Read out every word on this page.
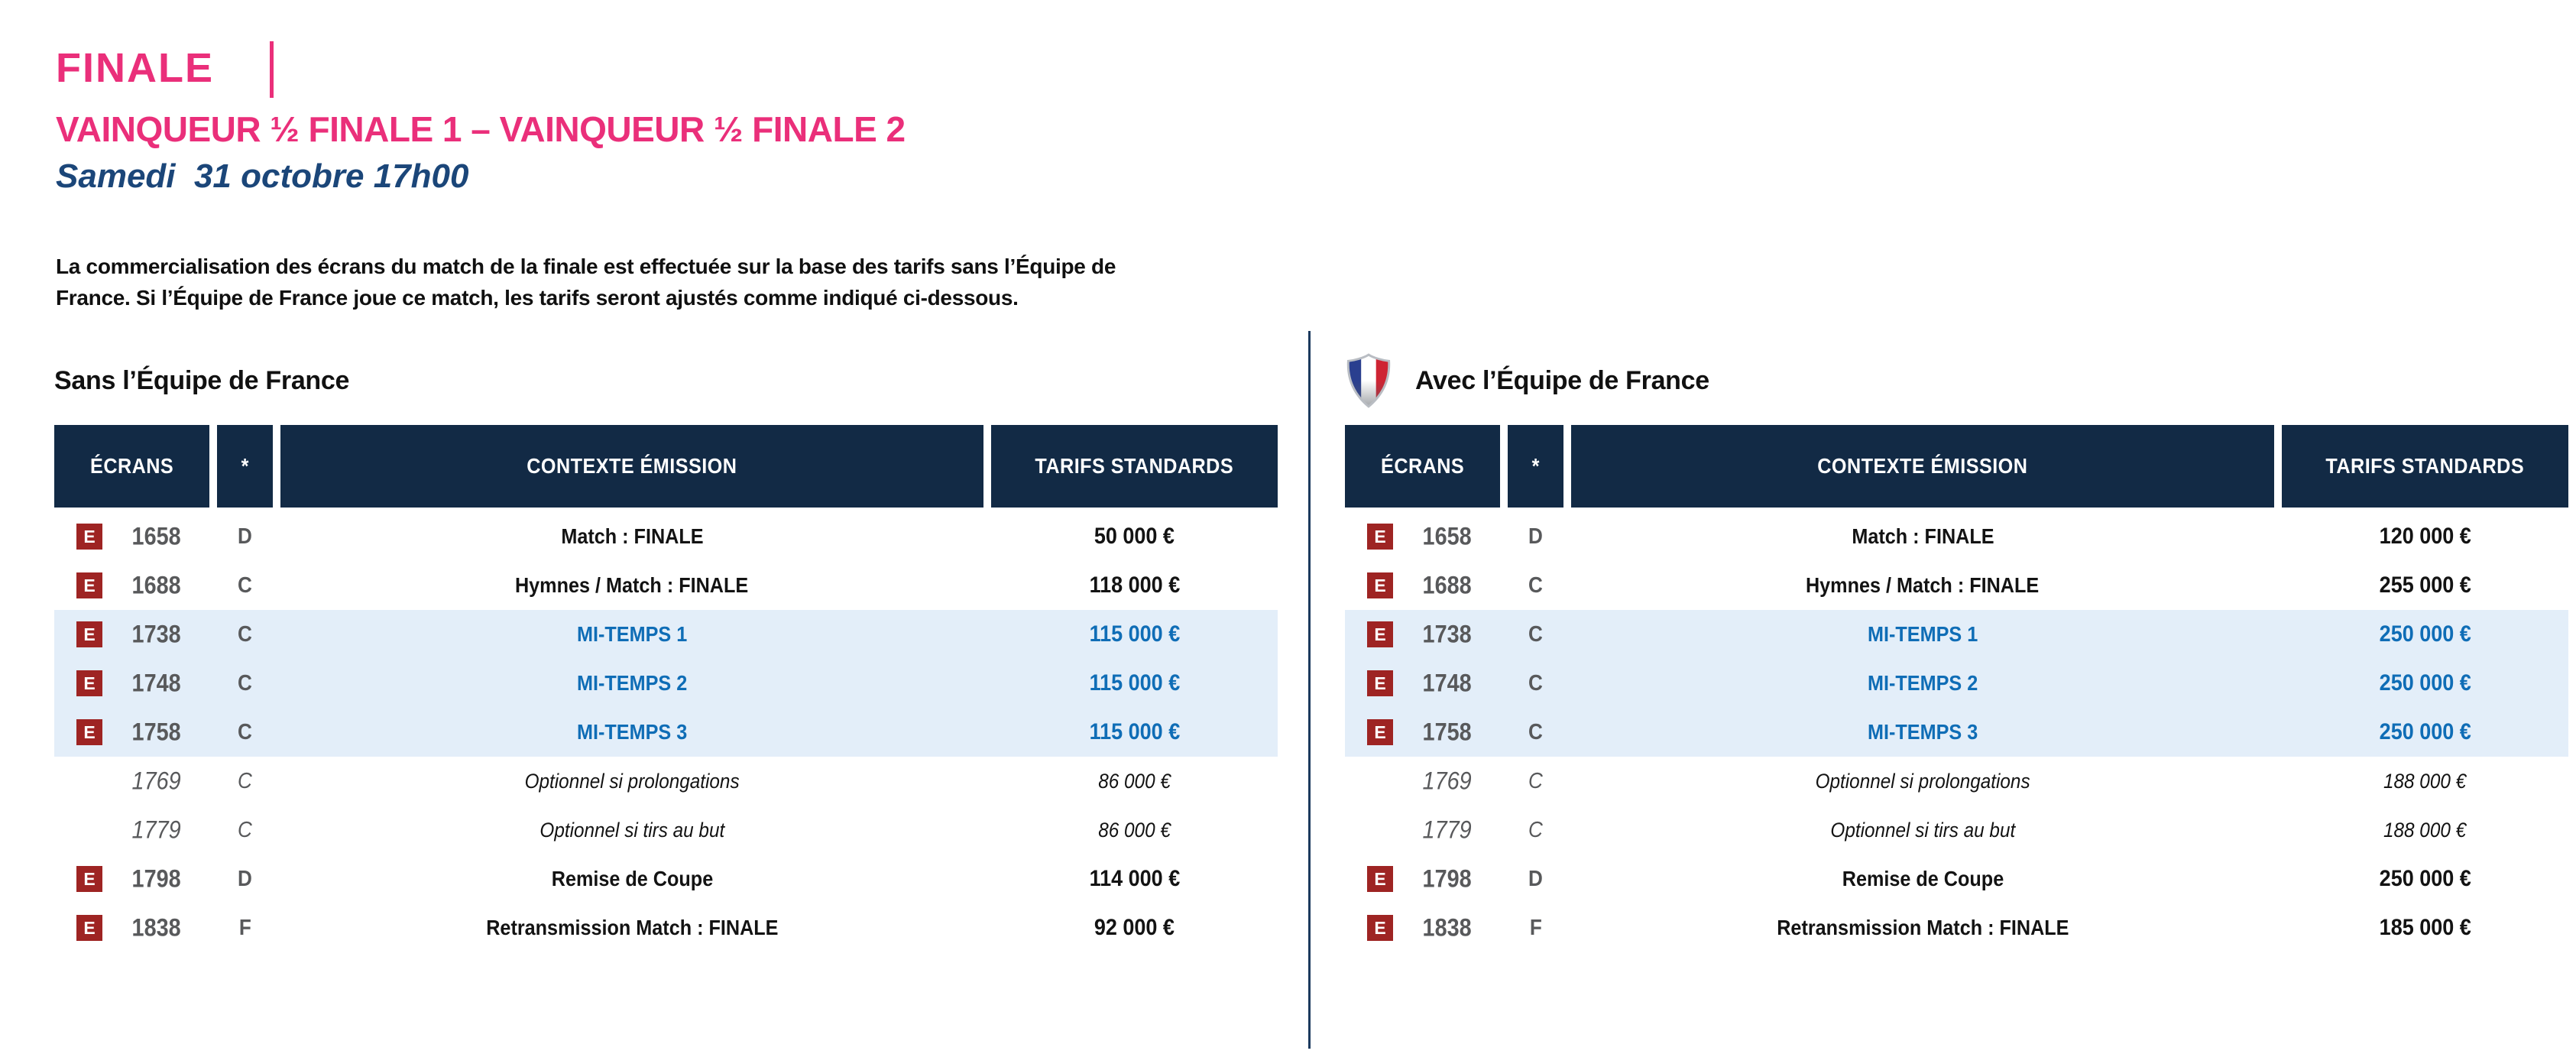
FINALE
VAINQUEUR ½ FINALE 1 – VAINQUEUR ½ FINALE 2
Samedi  31 octobre 17h00
La commercialisation des écrans du match de la finale est effectuée sur la base des tarifs sans l’Équipe de
France. Si l’Équipe de France joue ce match, les tarifs seront ajustés comme indiqué ci-dessous.
Sans l’Équipe de France
ÉCRANS	*	CONTEXTE ÉMISSION	TARIFS STANDARDS
E	1658	D	Match : FINALE	50 000 €
E	1688	C	Hymnes / Match : FINALE	118 000 €
E	1738	C	MI-TEMPS 1	115 000 €
E	1748	C	MI-TEMPS 2	115 000 €
E	1758	C	MI-TEMPS 3	115 000 €
1769	C	Optionnel si prolongations	86 000 €
1779	C	Optionnel si tirs au but	86 000 €
E	1798	D	Remise de Coupe	114 000 €
E	1838	F	Retransmission Match : FINALE	92 000 €
Avec l’Équipe de France
ÉCRANS	*	CONTEXTE ÉMISSION	TARIFS STANDARDS
E	1658	D	Match : FINALE	120 000 €
E	1688	C	Hymnes / Match : FINALE	255 000 €
E	1738	C	MI-TEMPS 1	250 000 €
E	1748	C	MI-TEMPS 2	250 000 €
E	1758	C	MI-TEMPS 3	250 000 €
1769	C	Optionnel si prolongations	188 000 €
1779	C	Optionnel si tirs au but	188 000 €
E	1798	D	Remise de Coupe	250 000 €
E	1838	F	Retransmission Match : FINALE	185 000 €
